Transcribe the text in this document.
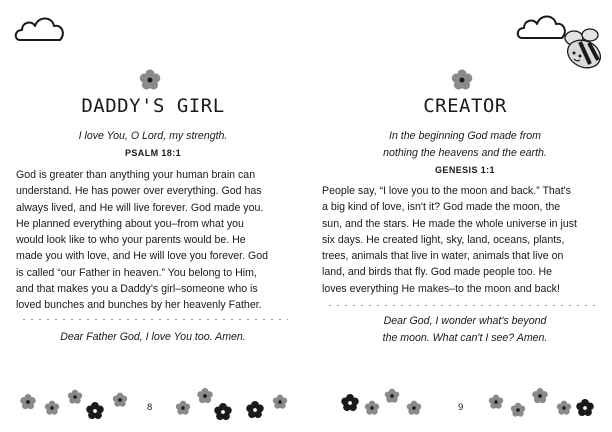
DADDY'S GIRL
I love You, O Lord, my strength.
PSALM 18:1
God is greater than anything your human brain can
understand. He has power over everything. God has
always lived, and He will live forever. God made you.
He planned everything about you–from what you
would look like to who your parents would be. He
made you with love, and He will love you forever. God
is called “our Father in heaven.” You belong to Him,
and that makes you a Daddy's girl–someone who is
loved bunches and bunches by her heavenly Father.
Dear Father God, I love You too. Amen.
8
CREATOR
In the beginning God made from
nothing the heavens and the earth.
GENESIS 1:1
People say, “I love you to the moon and back.” That's
a big kind of love, isn't it? God made the moon, the
sun, and the stars. He made the whole universe in just
six days. He created light, sky, land, oceans, plants,
trees, animals that live in water, animals that live on
land, and birds that fly. God made people too. He
loves everything He makes–to the moon and back!
Dear God, I wonder what's beyond
the moon. What can't I see? Amen.
9
